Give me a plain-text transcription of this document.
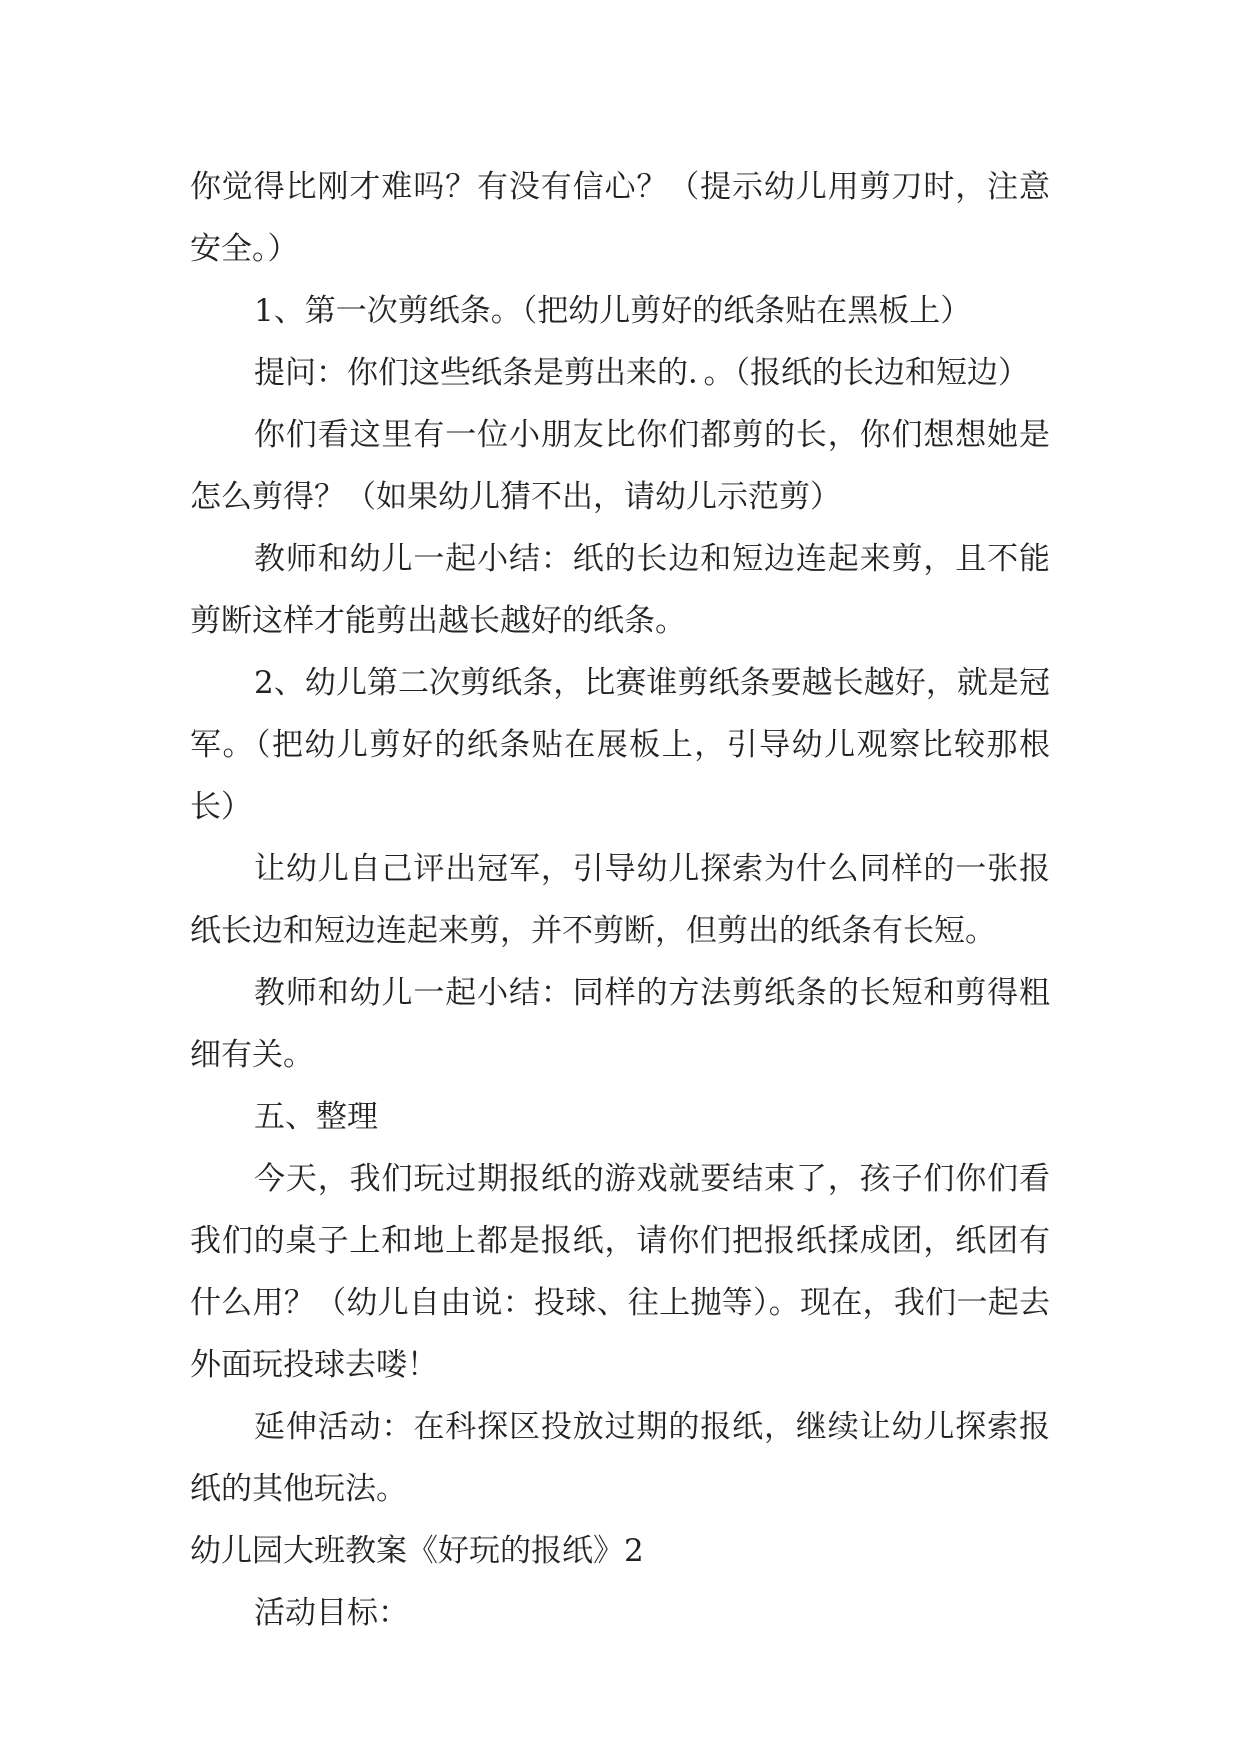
你觉得比刚才难吗？有没有信心？（提示幼儿用剪刀时，注意安全。）

1、第一次剪纸条。（把幼儿剪好的纸条贴在黑板上）

提问：你们这些纸条是剪出来的．。（报纸的长边和短边）

你们看这里有一位小朋友比你们都剪的长，你们想想她是怎么剪得？（如果幼儿猜不出，请幼儿示范剪）

教师和幼儿一起小结：纸的长边和短边连起来剪，且不能剪断这样才能剪出越长越好的纸条。

2、幼儿第二次剪纸条，比赛谁剪纸条要越长越好，就是冠军。（把幼儿剪好的纸条贴在展板上，引导幼儿观察比较那根长）

让幼儿自己评出冠军，引导幼儿探索为什么同样的一张报纸长边和短边连起来剪，并不剪断，但剪出的纸条有长短。

教师和幼儿一起小结：同样的方法剪纸条的长短和剪得粗细有关。

五、整理

今天，我们玩过期报纸的游戏就要结束了，孩子们你们看我们的桌子上和地上都是报纸，请你们把报纸揉成团，纸团有什么用？（幼儿自由说：投球、往上抛等）。现在，我们一起去外面玩投球去喽！

延伸活动：在科探区投放过期的报纸，继续让幼儿探索报纸的其他玩法。

幼儿园大班教案《好玩的报纸》2

活动目标：
